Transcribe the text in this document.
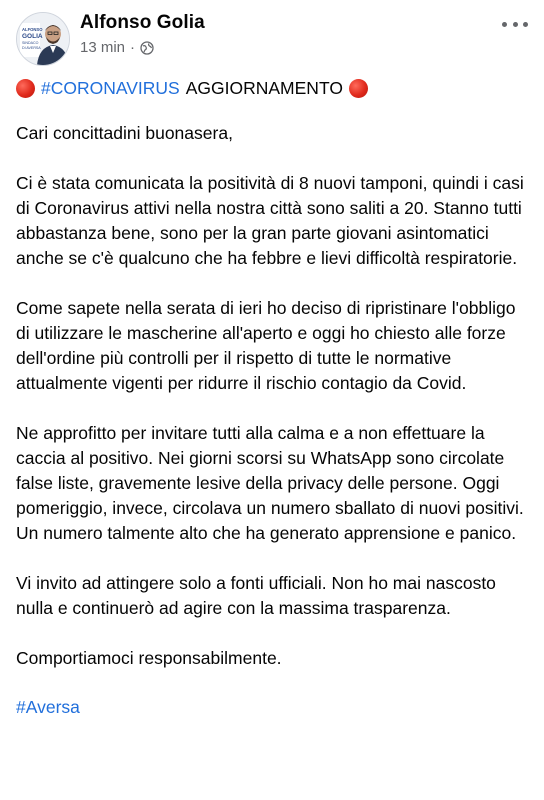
ALFONSO
GOLIA
SINDACO
DI AVERSA
Alfonso Golia
13 min ·
#CORONAVIRUS AGGIORNAMENTO

Cari concittadini buonasera,

Ci è stata comunicata la positività di 8 nuovi tamponi, quindi i casi di Coronavirus attivi nella nostra città sono saliti a 20. Stanno tutti abbastanza bene, sono per la gran parte giovani asintomatici anche se c'è qualcuno che ha febbre e lievi difficoltà respiratorie.

Come sapete nella serata di ieri ho deciso di ripristinare l'obbligo di utilizzare le mascherine all'aperto e oggi ho chiesto alle forze dell'ordine più controlli per il rispetto di tutte le normative attualmente vigenti per ridurre il rischio contagio da Covid.

Ne approfitto per invitare tutti alla calma e a non effettuare la caccia al positivo. Nei giorni scorsi su WhatsApp sono circolate false liste, gravemente lesive della privacy delle persone. Oggi pomeriggio, invece, circolava un numero sballato di nuovi positivi. Un numero talmente alto che ha generato apprensione e panico.

Vi invito ad attingere solo a fonti ufficiali. Non ho mai nascosto nulla e continuerò ad agire con la massima trasparenza.

Comportiamoci responsabilmente.

#Aversa
